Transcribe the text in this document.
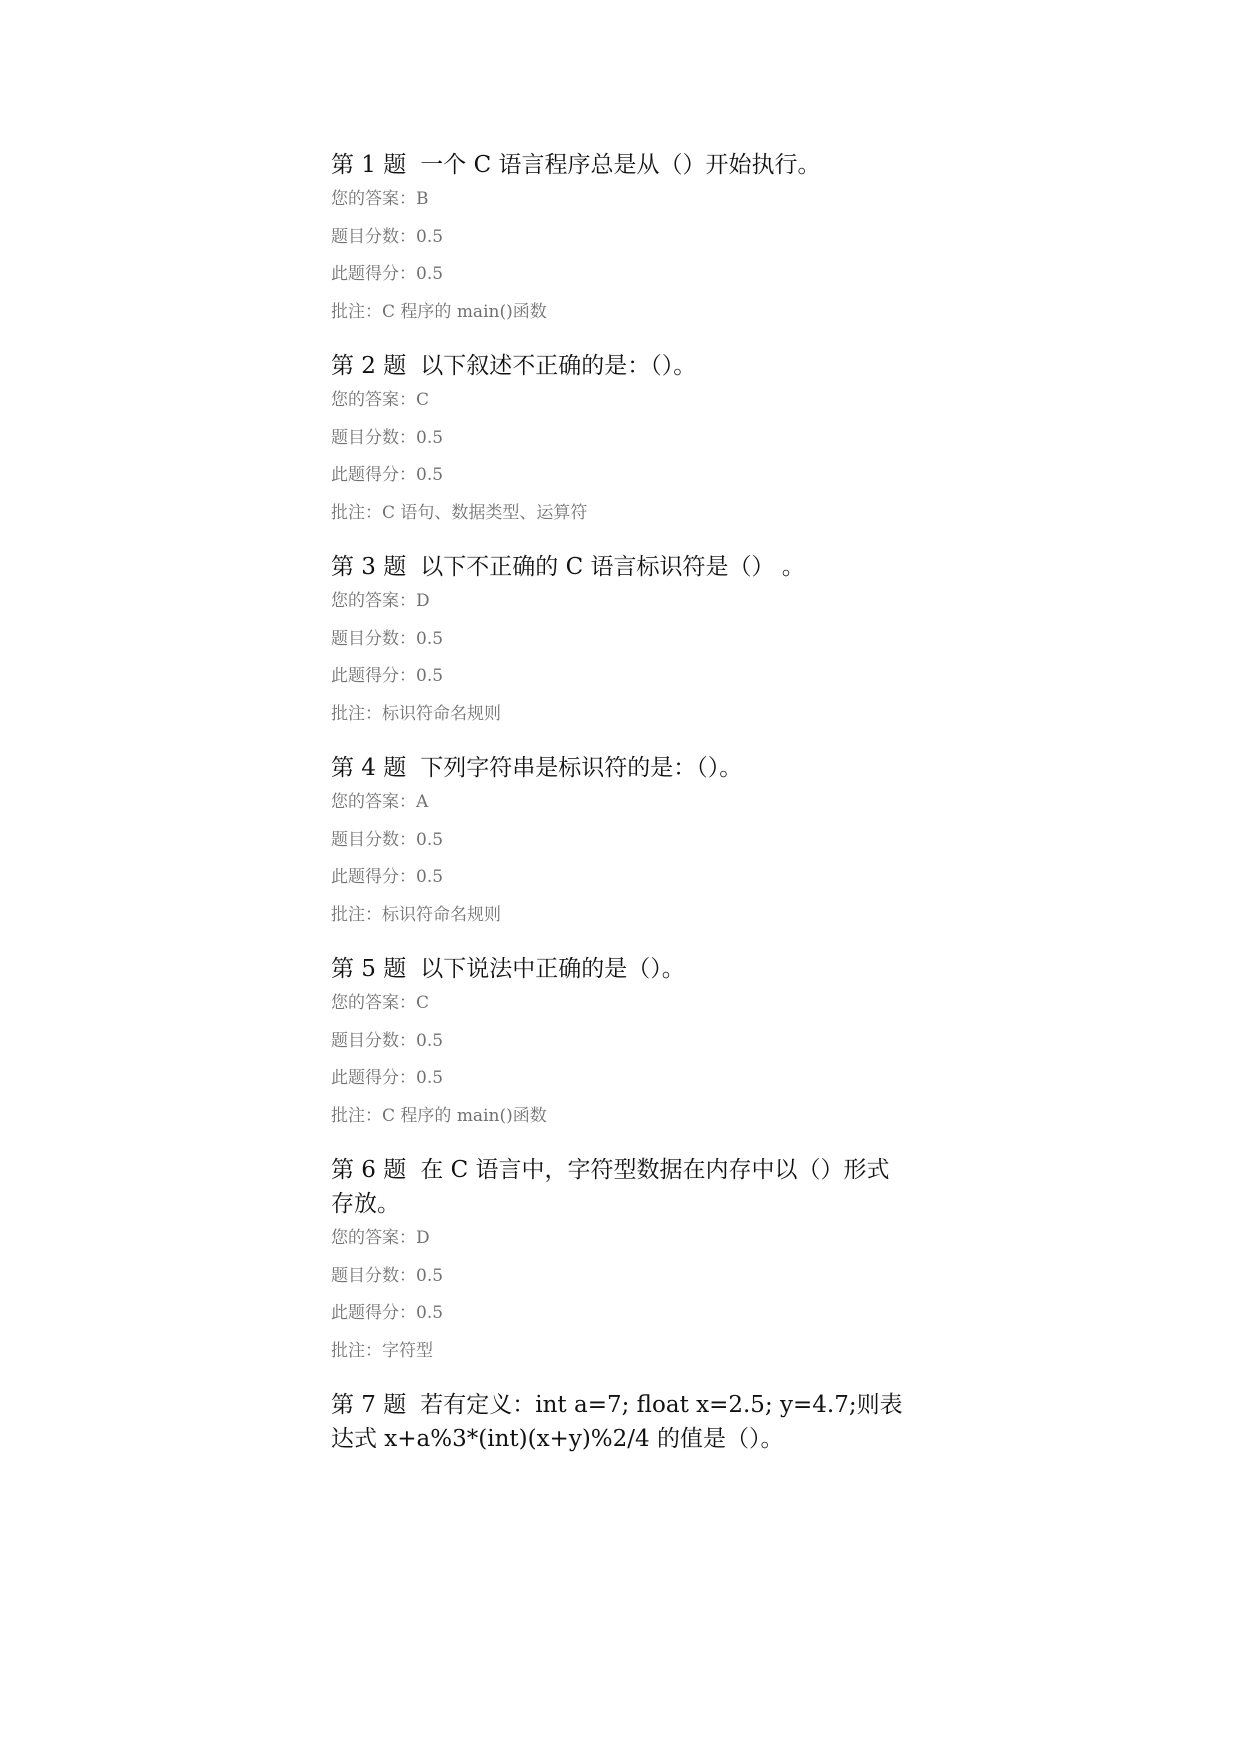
第 1 题 一个 C 语言程序总是从（）开始执行。

您的答案：B

题目分数：0.5

此题得分：0.5

批注：C 程序的 main()函数

第 2 题 以下叙述不正确的是：（）。

您的答案：C

题目分数：0.5

此题得分：0.5

批注：C 语句、数据类型、运算符

第 3 题 以下不正确的 C 语言标识符是（） 。

您的答案：D

题目分数：0.5

此题得分：0.5

批注：标识符命名规则

第 4 题 下列字符串是标识符的是：（）。

您的答案：A

题目分数：0.5

此题得分：0.5

批注：标识符命名规则

第 5 题 以下说法中正确的是（）。

您的答案：C

题目分数：0.5

此题得分：0.5

批注：C 程序的 main()函数

第 6 题 在 C 语言中，字符型数据在内存中以（）形式存放。

您的答案：D

题目分数：0.5

此题得分：0.5

批注：字符型

第 7 题 若有定义：int a=7; float x=2.5; y=4.7;则表达式 x+a%3*(int)(x+y)%2/4 的值是（）。
